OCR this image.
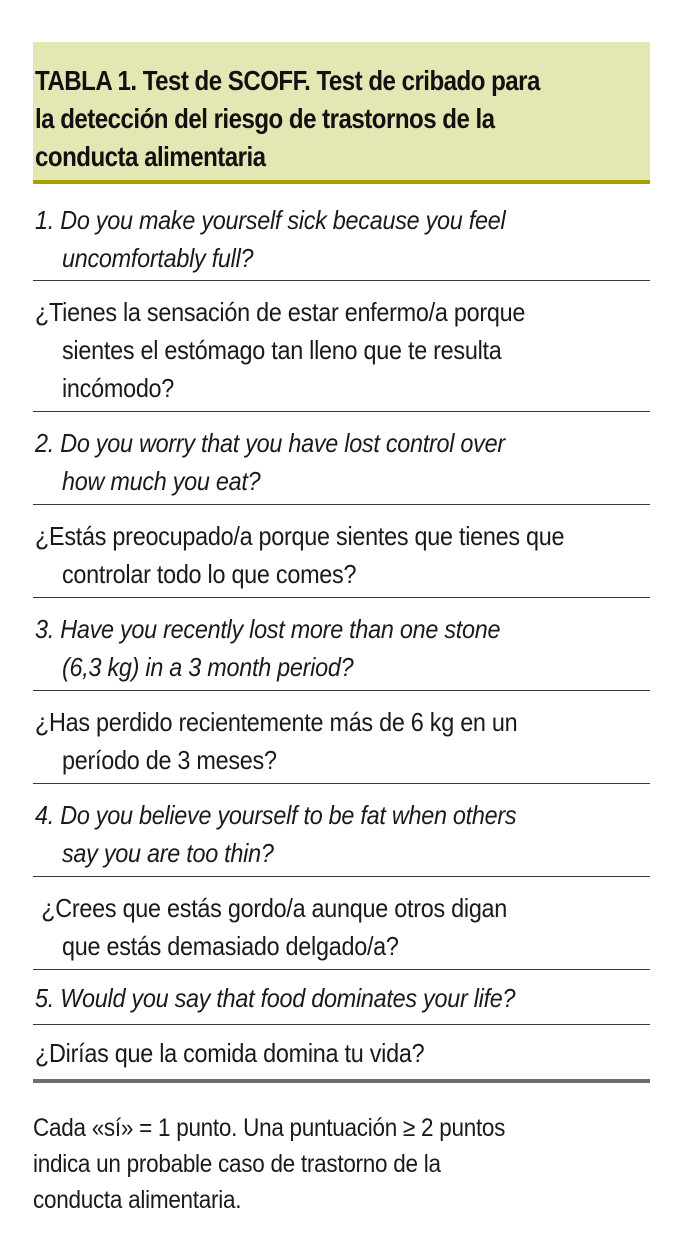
TABLA 1. Test de SCOFF. Test de cribado para
la detección del riesgo de trastornos de la
conducta alimentaria

1. Do you make yourself sick because you feel
uncomfortably full?
¿Tienes la sensación de estar enfermo/a porque
sientes el estómago tan lleno que te resulta
incómodo?
2. Do you worry that you have lost control over
how much you eat?
¿Estás preocupado/a porque sientes que tienes que
controlar todo lo que comes?
3. Have you recently lost more than one stone
(6,3 kg) in a 3 month period?
¿Has perdido recientemente más de 6 kg en un
período de 3 meses?
4. Do you believe yourself to be fat when others
say you are too thin?
¿Crees que estás gordo/a aunque otros digan
que estás demasiado delgado/a?
5. Would you say that food dominates your life?
¿Dirías que la comida domina tu vida?
Cada «sí» = 1 punto. Una puntuación ≥ 2 puntos
indica un probable caso de trastorno de la
conducta alimentaria.
